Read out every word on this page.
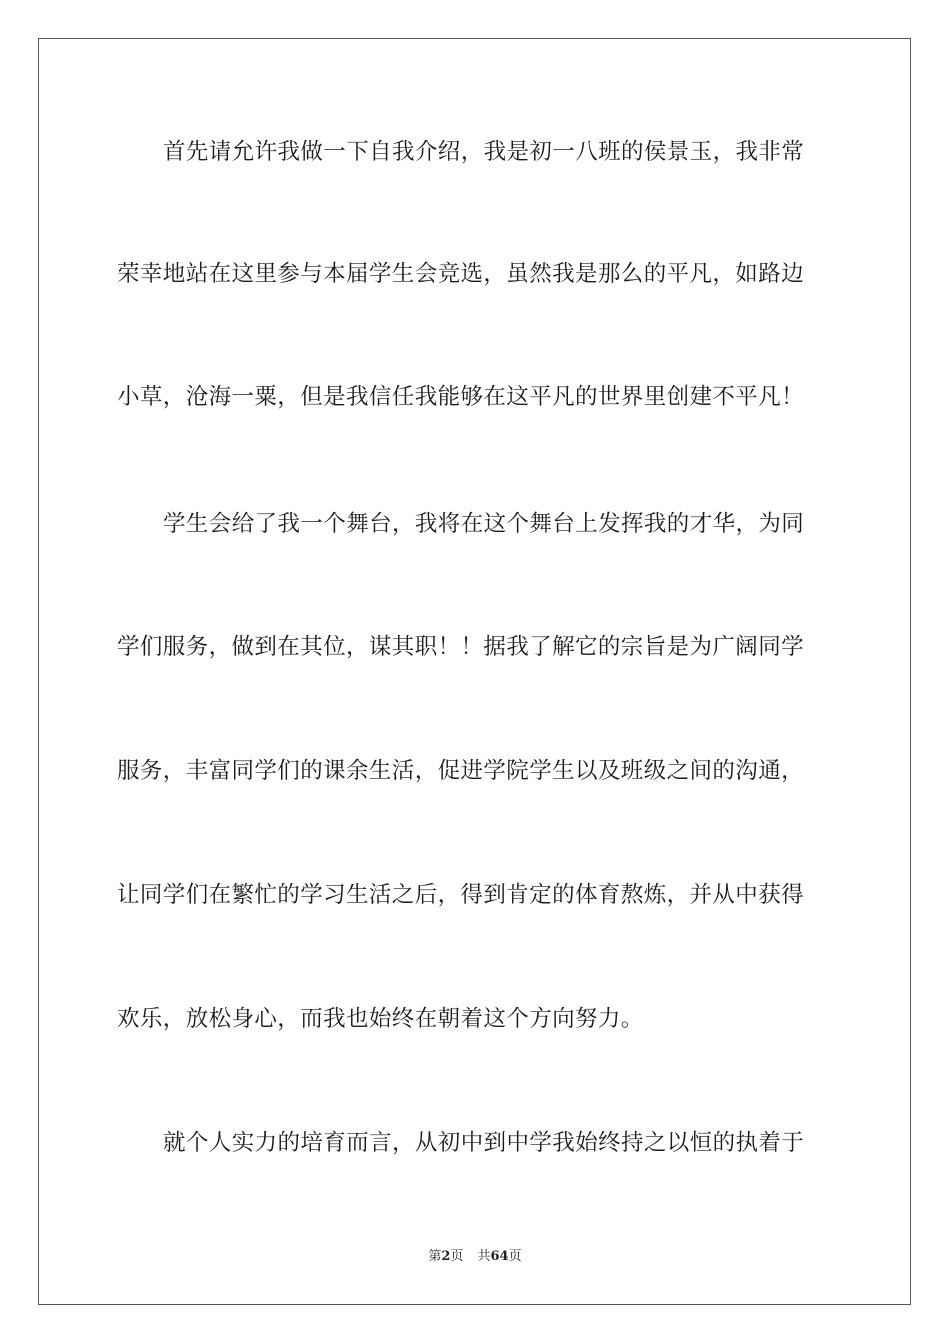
首先请允许我做一下自我介绍，我是初一八班的侯景玉，我非常
荣幸地站在这里参与本届学生会竞选，虽然我是那么的平凡，如路边
小草，沧海一粟，但是我信任我能够在这平凡的世界里创建不平凡！
学生会给了我一个舞台，我将在这个舞台上发挥我的才华，为同
学们服务，做到在其位，谋其职！！据我了解它的宗旨是为广阔同学
服务，丰富同学们的课余生活，促进学院学生以及班级之间的沟通，
让同学们在繁忙的学习生活之后，得到肯定的体育熬炼，并从中获得
欢乐，放松身心，而我也始终在朝着这个方向努力。
就个人实力的培育而言，从初中到中学我始终持之以恒的执着于
第2页 共64页
